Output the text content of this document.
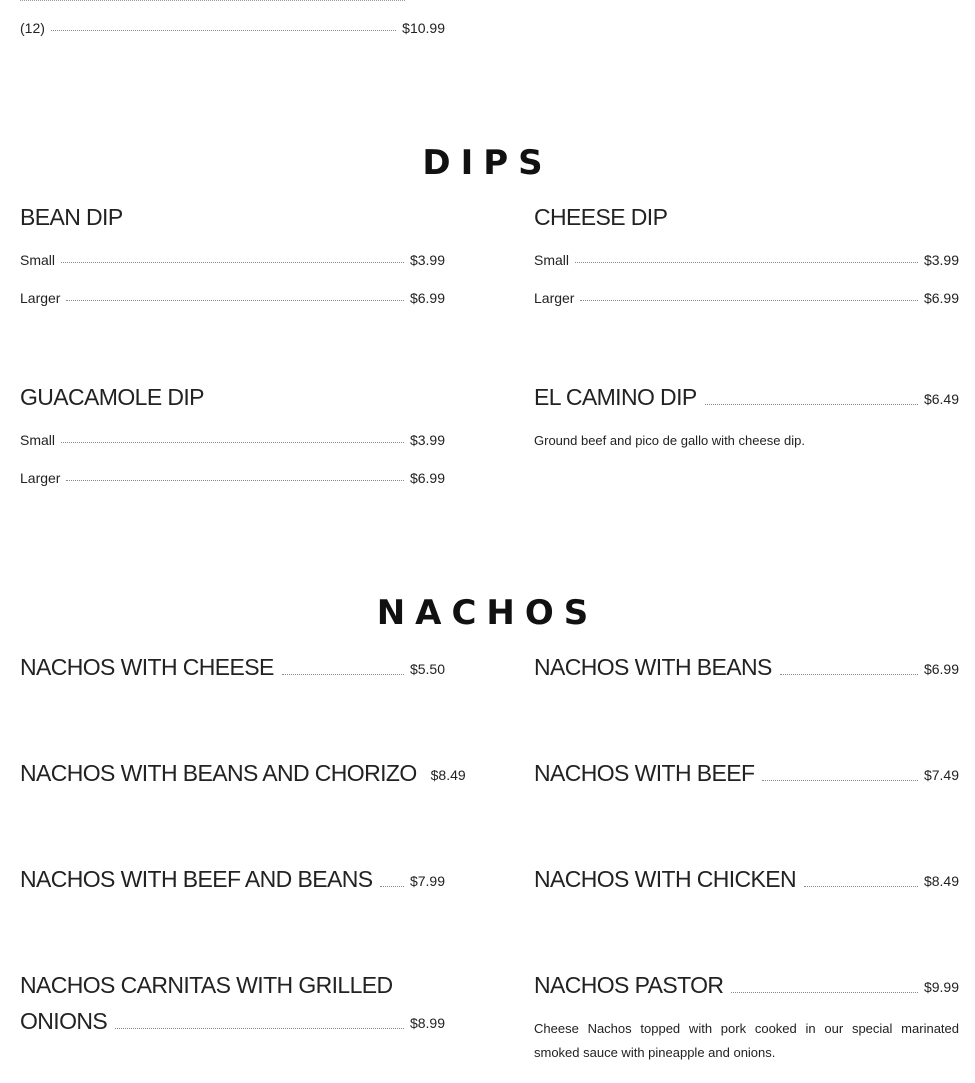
(12)	$10.99
DIPS
BEAN DIP
Small	$3.99
Larger	$6.99
CHEESE DIP
Small	$3.99
Larger	$6.99
GUACAMOLE DIP
Small	$3.99
Larger	$6.99
EL CAMINO DIP	$6.49
Ground beef and pico de gallo with cheese dip.
NACHOS
NACHOS WITH CHEESE	$5.50	NACHOS WITH BEANS	$6.99
NACHOS WITH BEANS AND CHORIZO $8.49	NACHOS WITH BEEF	$7.49
NACHOS WITH BEEF AND BEANS	$7.99	NACHOS WITH CHICKEN	$8.49
NACHOS CARNITAS WITH GRILLED
ONIONS	$8.99
NACHOS PASTOR	$9.99
Cheese Nachos topped with pork cooked in our special marinated smoked sauce with pineapple and onions.
